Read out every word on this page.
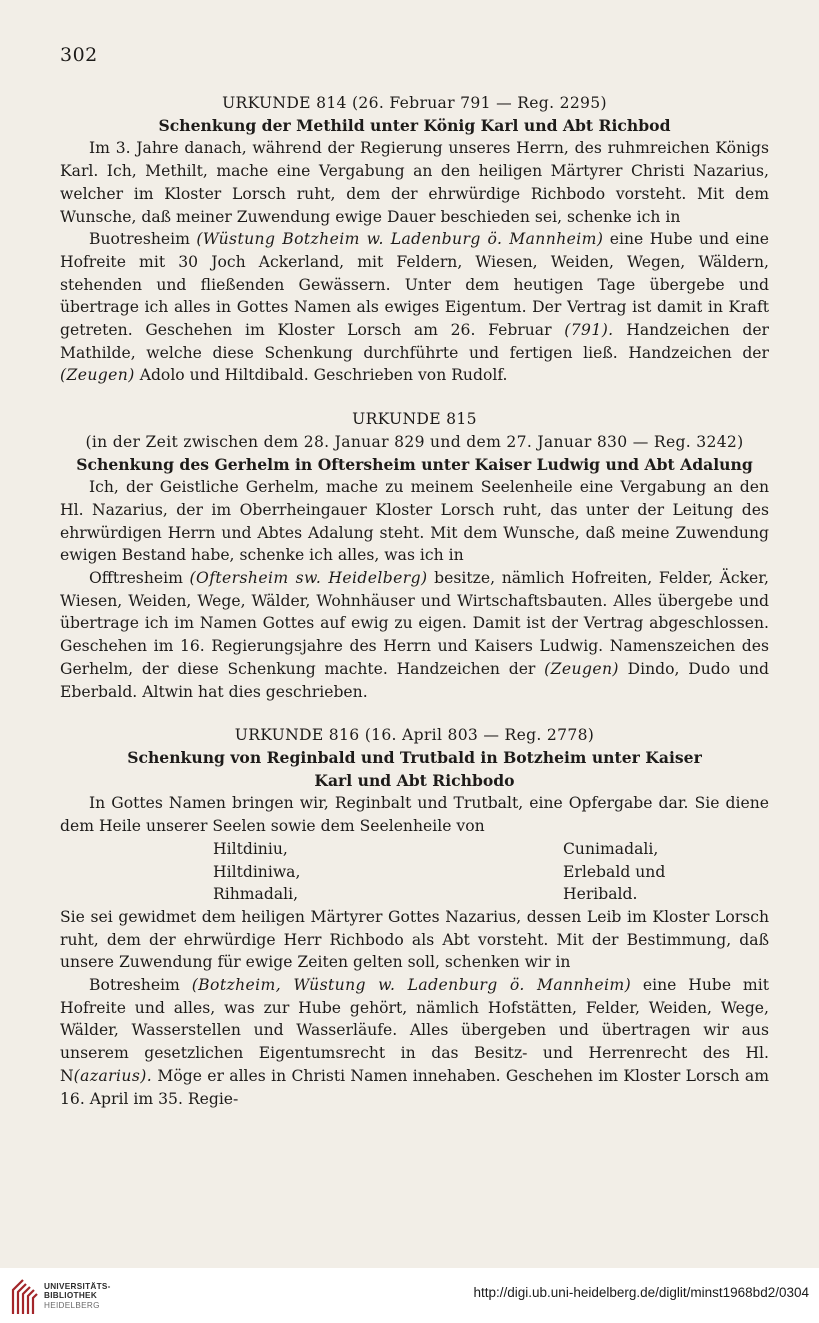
302
URKUNDE 814 (26. Februar 791 — Reg. 2295)
Schenkung der Methild unter König Karl und Abt Richbod

Im 3. Jahre danach, während der Regierung unseres Herrn, des ruhmreichen Königs Karl. Ich, Methilt, mache eine Vergabung an den heiligen Märtyrer Christi Nazarius, welcher im Kloster Lorsch ruht, dem der ehrwürdige Richbodo vorsteht. Mit dem Wunsche, daß meiner Zuwendung ewige Dauer beschieden sei, schenke ich in

Buotresheim (Wüstung Botzheim w. Ladenburg ö. Mannheim) eine Hube und eine Hofreite mit 30 Joch Ackerland, mit Feldern, Wiesen, Weiden, Wegen, Wäldern, stehenden und fließenden Gewässern. Unter dem heutigen Tage übergebe und übertrage ich alles in Gottes Namen als ewiges Eigentum. Der Vertrag ist damit in Kraft getreten. Geschehen im Kloster Lorsch am 26. Februar (791). Handzeichen der Mathilde, welche diese Schenkung durchführte und fertigen ließ. Handzeichen der (Zeugen) Adolo und Hiltdibald. Geschrieben von Rudolf.

URKUNDE 815
(in der Zeit zwischen dem 28. Januar 829 und dem 27. Januar 830 — Reg. 3242)
Schenkung des Gerhelm in Oftersheim unter Kaiser Ludwig und Abt Adalung

Ich, der Geistliche Gerhelm, mache zu meinem Seelenheile eine Vergabung an den Hl. Nazarius, der im Oberrheingauer Kloster Lorsch ruht, das unter der Leitung des ehrwürdigen Herrn und Abtes Adalung steht. Mit dem Wunsche, daß meine Zuwendung ewigen Bestand habe, schenke ich alles, was ich in

Offtresheim (Oftersheim sw. Heidelberg) besitze, nämlich Hofreiten, Felder, Äcker, Wiesen, Weiden, Wege, Wälder, Wohnhäuser und Wirtschaftsbauten. Alles übergebe und übertrage ich im Namen Gottes auf ewig zu eigen. Damit ist der Vertrag abgeschlossen. Geschehen im 16. Regierungsjahre des Herrn und Kaisers Ludwig. Namenszeichen des Gerhelm, der diese Schenkung machte. Handzeichen der (Zeugen) Dindo, Dudo und Eberbald. Altwin hat dies geschrieben.

URKUNDE 816 (16. April 803 — Reg. 2778)
Schenkung von Reginbald und Trutbald in Botzheim unter Kaiser
Karl und Abt Richbodo

In Gottes Namen bringen wir, Reginbalt und Trutbalt, eine Opfergabe dar. Sie diene dem Heile unserer Seelen sowie dem Seelenheile von

Hiltdiniu,	Cunimadali,
Hiltdiniwa,	Erlebald und
Rihmadali,	Heribald.

Sie sei gewidmet dem heiligen Märtyrer Gottes Nazarius, dessen Leib im Kloster Lorsch ruht, dem der ehrwürdige Herr Richbodo als Abt vorsteht. Mit der Bestimmung, daß unsere Zuwendung für ewige Zeiten gelten soll, schenken wir in

Botresheim (Botzheim, Wüstung w. Ladenburg ö. Mannheim) eine Hube mit Hofreite und alles, was zur Hube gehört, nämlich Hofstätten, Felder, Weiden, Wege, Wälder, Wasserstellen und Wasserläufe. Alles übergeben und übertragen wir aus unserem gesetzlichen Eigentumsrecht in das Besitz- und Herrenrecht des Hl. N(azarius). Möge er alles in Christi Namen innehaben. Geschehen im Kloster Lorsch am 16. April im 35. Regie-

UNIVERSITÄTS-
BIBLIOTHEK
HEIDELBERG
http://digi.ub.uni-heidelberg.de/diglit/minst1968bd2/0304
